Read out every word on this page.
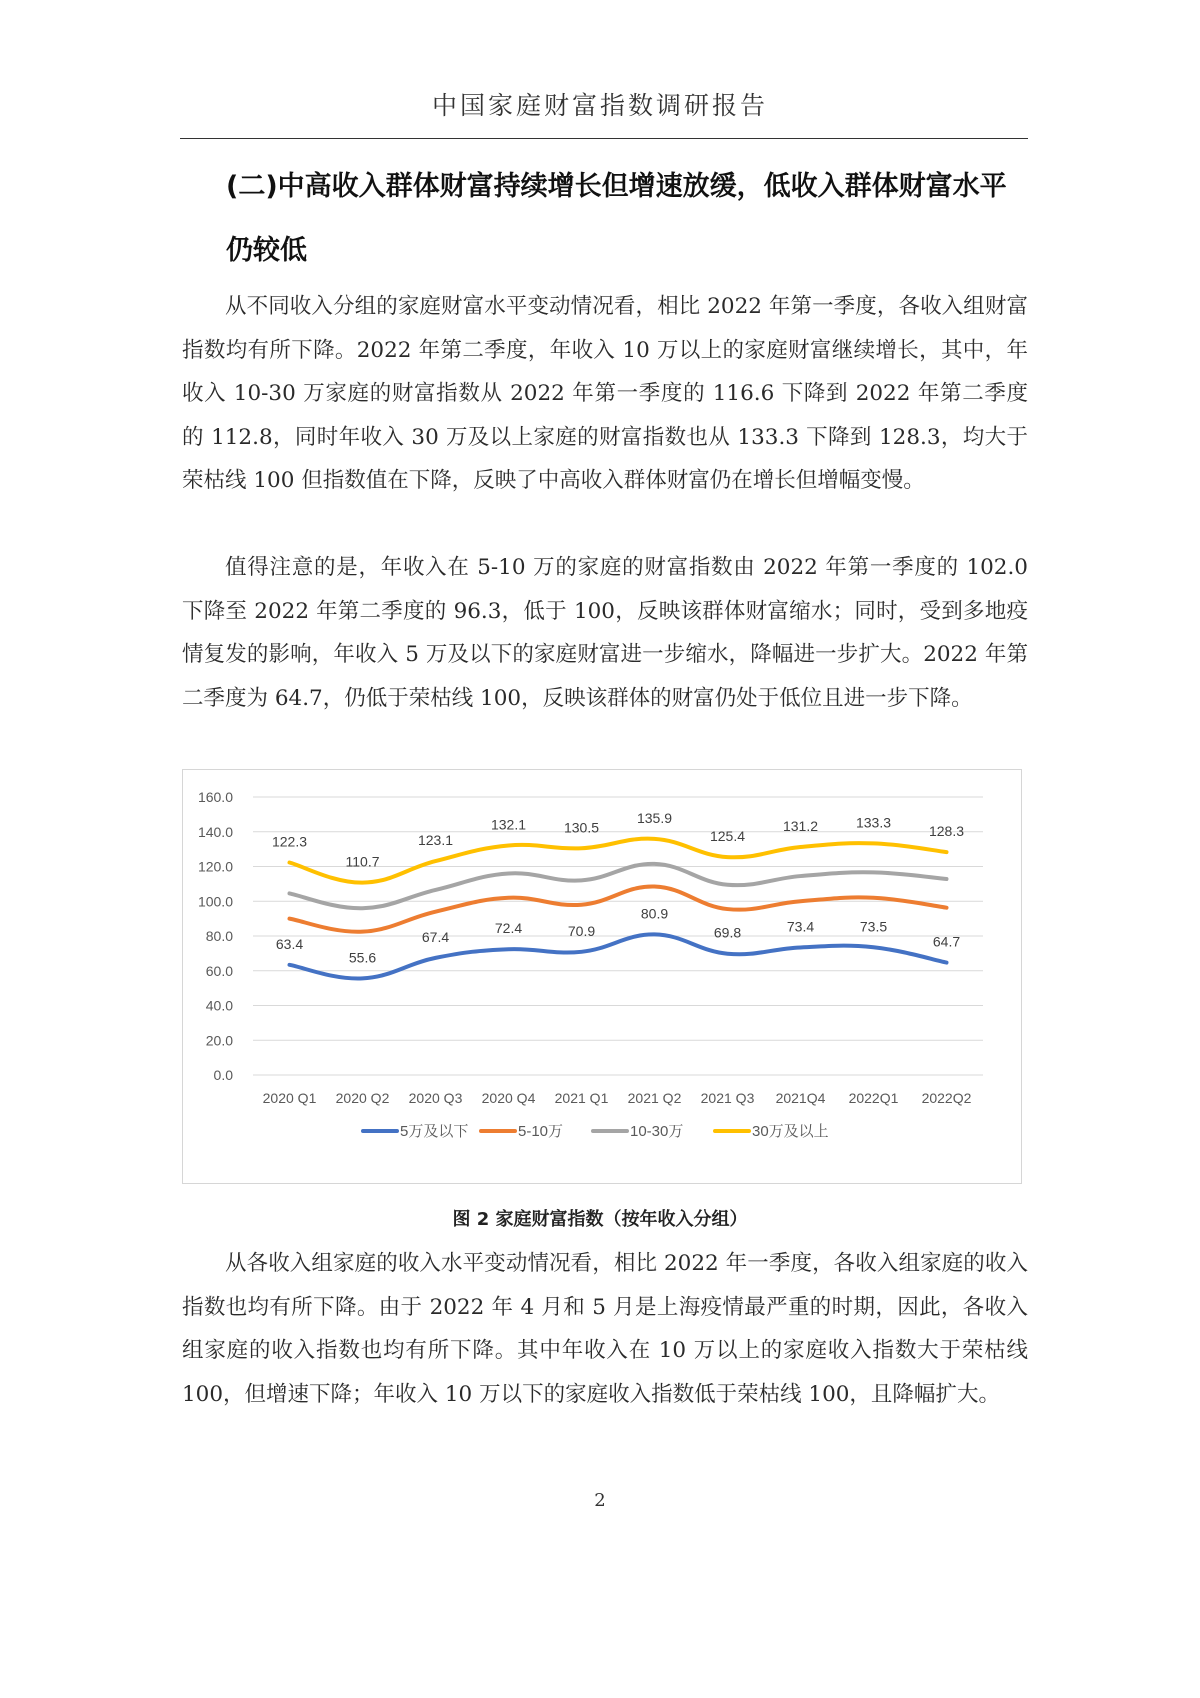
中国家庭财富指数调研报告
(二)中高收入群体财富持续增长但增速放缓，低收入群体财富水平仍较低
从不同收入分组的家庭财富水平变动情况看，相比 2022 年第一季度，各收入组财富指数均有所下降。2022 年第二季度，年收入 10 万以上的家庭财富继续增长，其中，年收入 10-30 万家庭的财富指数从 2022 年第一季度的 116.6 下降到 2022 年第二季度的 112.8，同时年收入 30 万及以上家庭的财富指数也从 133.3 下降到 128.3，均大于荣枯线 100 但指数值在下降，反映了中高收入群体财富仍在增长但增幅变慢。
值得注意的是，年收入在 5-10 万的家庭的财富指数由 2022 年第一季度的 102.0 下降至 2022 年第二季度的 96.3，低于 100，反映该群体财富缩水；同时，受到多地疫情复发的影响，年收入 5 万及以下的家庭财富进一步缩水，降幅进一步扩大。2022 年第二季度为 64.7，仍低于荣枯线 100，反映该群体的财富仍处于低位且进一步下降。
0.0
20.0
40.0
60.0
80.0
100.0
120.0
140.0
160.0
2020 Q1 2020 Q2 2020 Q3 2020 Q4 2021 Q1 2021 Q2 2021 Q3 2021Q4 2022Q1 2022Q2
63.4
55.6
67.4
72.4	70.9
80.9
69.8	73.4	73.5
64.7
122.3
110.7
123.1
132.1	130.5
135.9
125.4
131.2	133.3
128.3
5万及以下	5-10万	10-30万	30万及以上
图 2 家庭财富指数（按年收入分组）
从各收入组家庭的收入水平变动情况看，相比 2022 年一季度，各收入组家庭的收入指数也均有所下降。由于 2022 年 4 月和 5 月是上海疫情最严重的时期，因此，各收入组家庭的收入指数也均有所下降。其中年收入在 10 万以上的家庭收入指数大于荣枯线 100，但增速下降；年收入 10 万以下的家庭收入指数低于荣枯线 100，且降幅扩大。
2
